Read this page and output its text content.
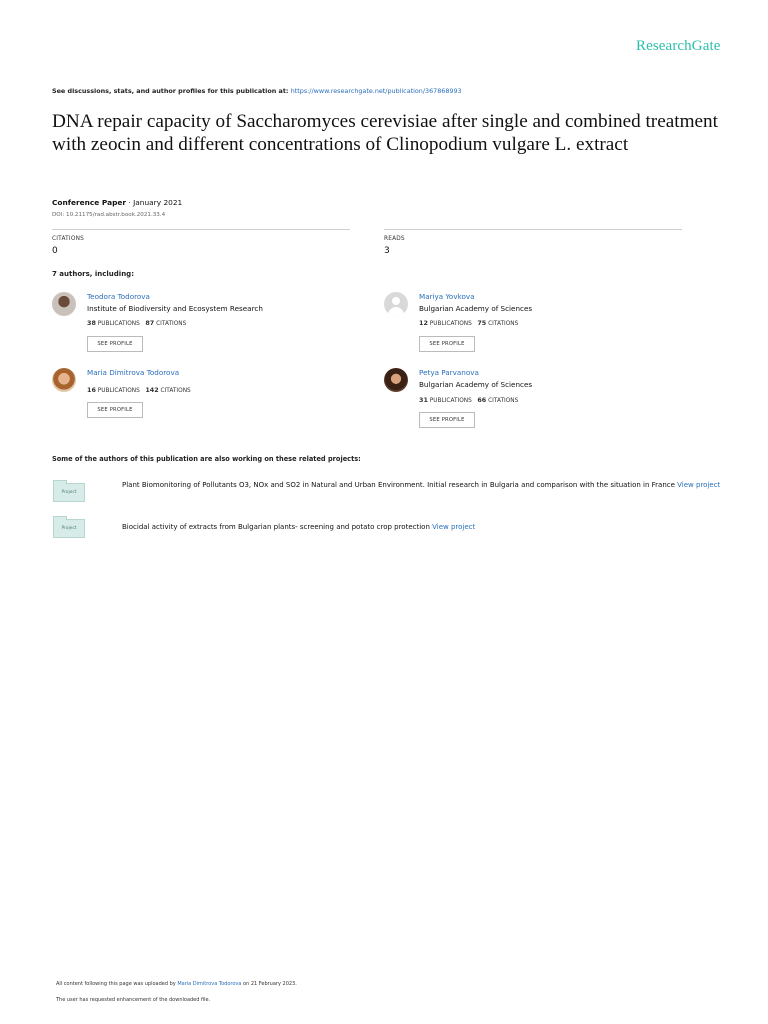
ResearchGate
See discussions, stats, and author profiles for this publication at: https://www.researchgate.net/publication/367868993
DNA repair capacity of Saccharomyces cerevisiae after single and combined treatment with zeocin and different concentrations of Clinopodium vulgare L. extract
Conference Paper · January 2021
DOI: 10.21175/rad.abstr.book.2021.33.4
CITATIONS
0
READS
3
7 authors, including:
Teodora Todorova
Institute of Biodiversity and Ecosystem Research
38 PUBLICATIONS 87 CITATIONS
SEE PROFILE
Mariya Yovkova
Bulgarian Academy of Sciences
12 PUBLICATIONS 75 CITATIONS
SEE PROFILE
Maria Dimitrova Todorova
16 PUBLICATIONS 142 CITATIONS
SEE PROFILE
Petya Parvanova
Bulgarian Academy of Sciences
31 PUBLICATIONS 66 CITATIONS
SEE PROFILE
Some of the authors of this publication are also working on these related projects:
Project
Plant Biomonitoring of Pollutants O3, NOx and SO2 in Natural and Urban Environment. Initial research in Bulgaria and comparison with the situation in France View project
Project	Biocidal activity of extracts from Bulgarian plants- screening and potato crop protection View project
All content following this page was uploaded by Maria Dimitrova Todorova on 21 February 2023.
The user has requested enhancement of the downloaded file.
